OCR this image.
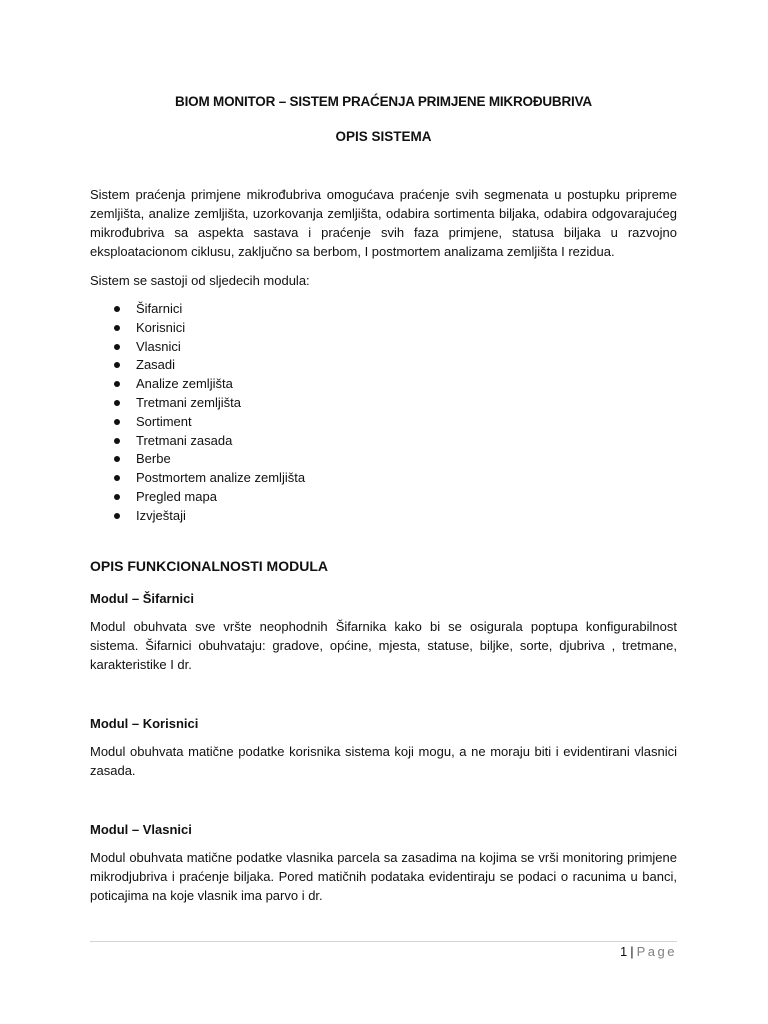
BIOM MONITOR – SISTEM PRAĆENJA PRIMJENE MIKROĐUBRIVA
OPIS SISTEMA

Sistem praćenja primjene mikrođubriva omogućava praćenje svih segmenata u postupku pripreme zemljišta, analize zemljišta, uzorkovanja zemljišta, odabira sortimenta biljaka, odabira odgovarajućeg mikrođubriva sa aspekta sastava i praćenje svih faza primjene, statusa biljaka u razvojno eksploatacionom ciklusu, zaključno sa berbom, I postmortem analizama zemljišta I rezidua.

Sistem se sastoji od sljedecih modula:

Šifarnici
Korisnici
Vlasnici
Zasadi
Analize zemljišta
Tretmani zemljišta
Sortiment
Tretmani zasada
Berbe
Postmortem analize zemljišta
Pregled mapa
Izvještaji
OPIS FUNKCIONALNOSTI MODULA
Modul – Šifarnici

Modul obuhvata sve vršte neophodnih Šifarnika kako bi se osigurala poptupa konfigurabilnost sistema. Šifarnici obuhvataju: gradove, općine, mjesta, statuse, biljke, sorte, djubriva , tretmane, karakteristike I dr.

Modul – Korisnici

Modul obuhvata matične podatke korisnika sistema koji mogu, a ne moraju biti i evidentirani vlasnici zasada.

Modul – Vlasnici

Modul obuhvata matične podatke vlasnika parcela sa zasadima na kojima se vrši monitoring primjene mikrodjubriva i praćenje biljaka. Pored matičnih podataka evidentiraju se podaci o racunima u banci, poticajima na koje vlasnik ima parvo i dr.

1 | Page
